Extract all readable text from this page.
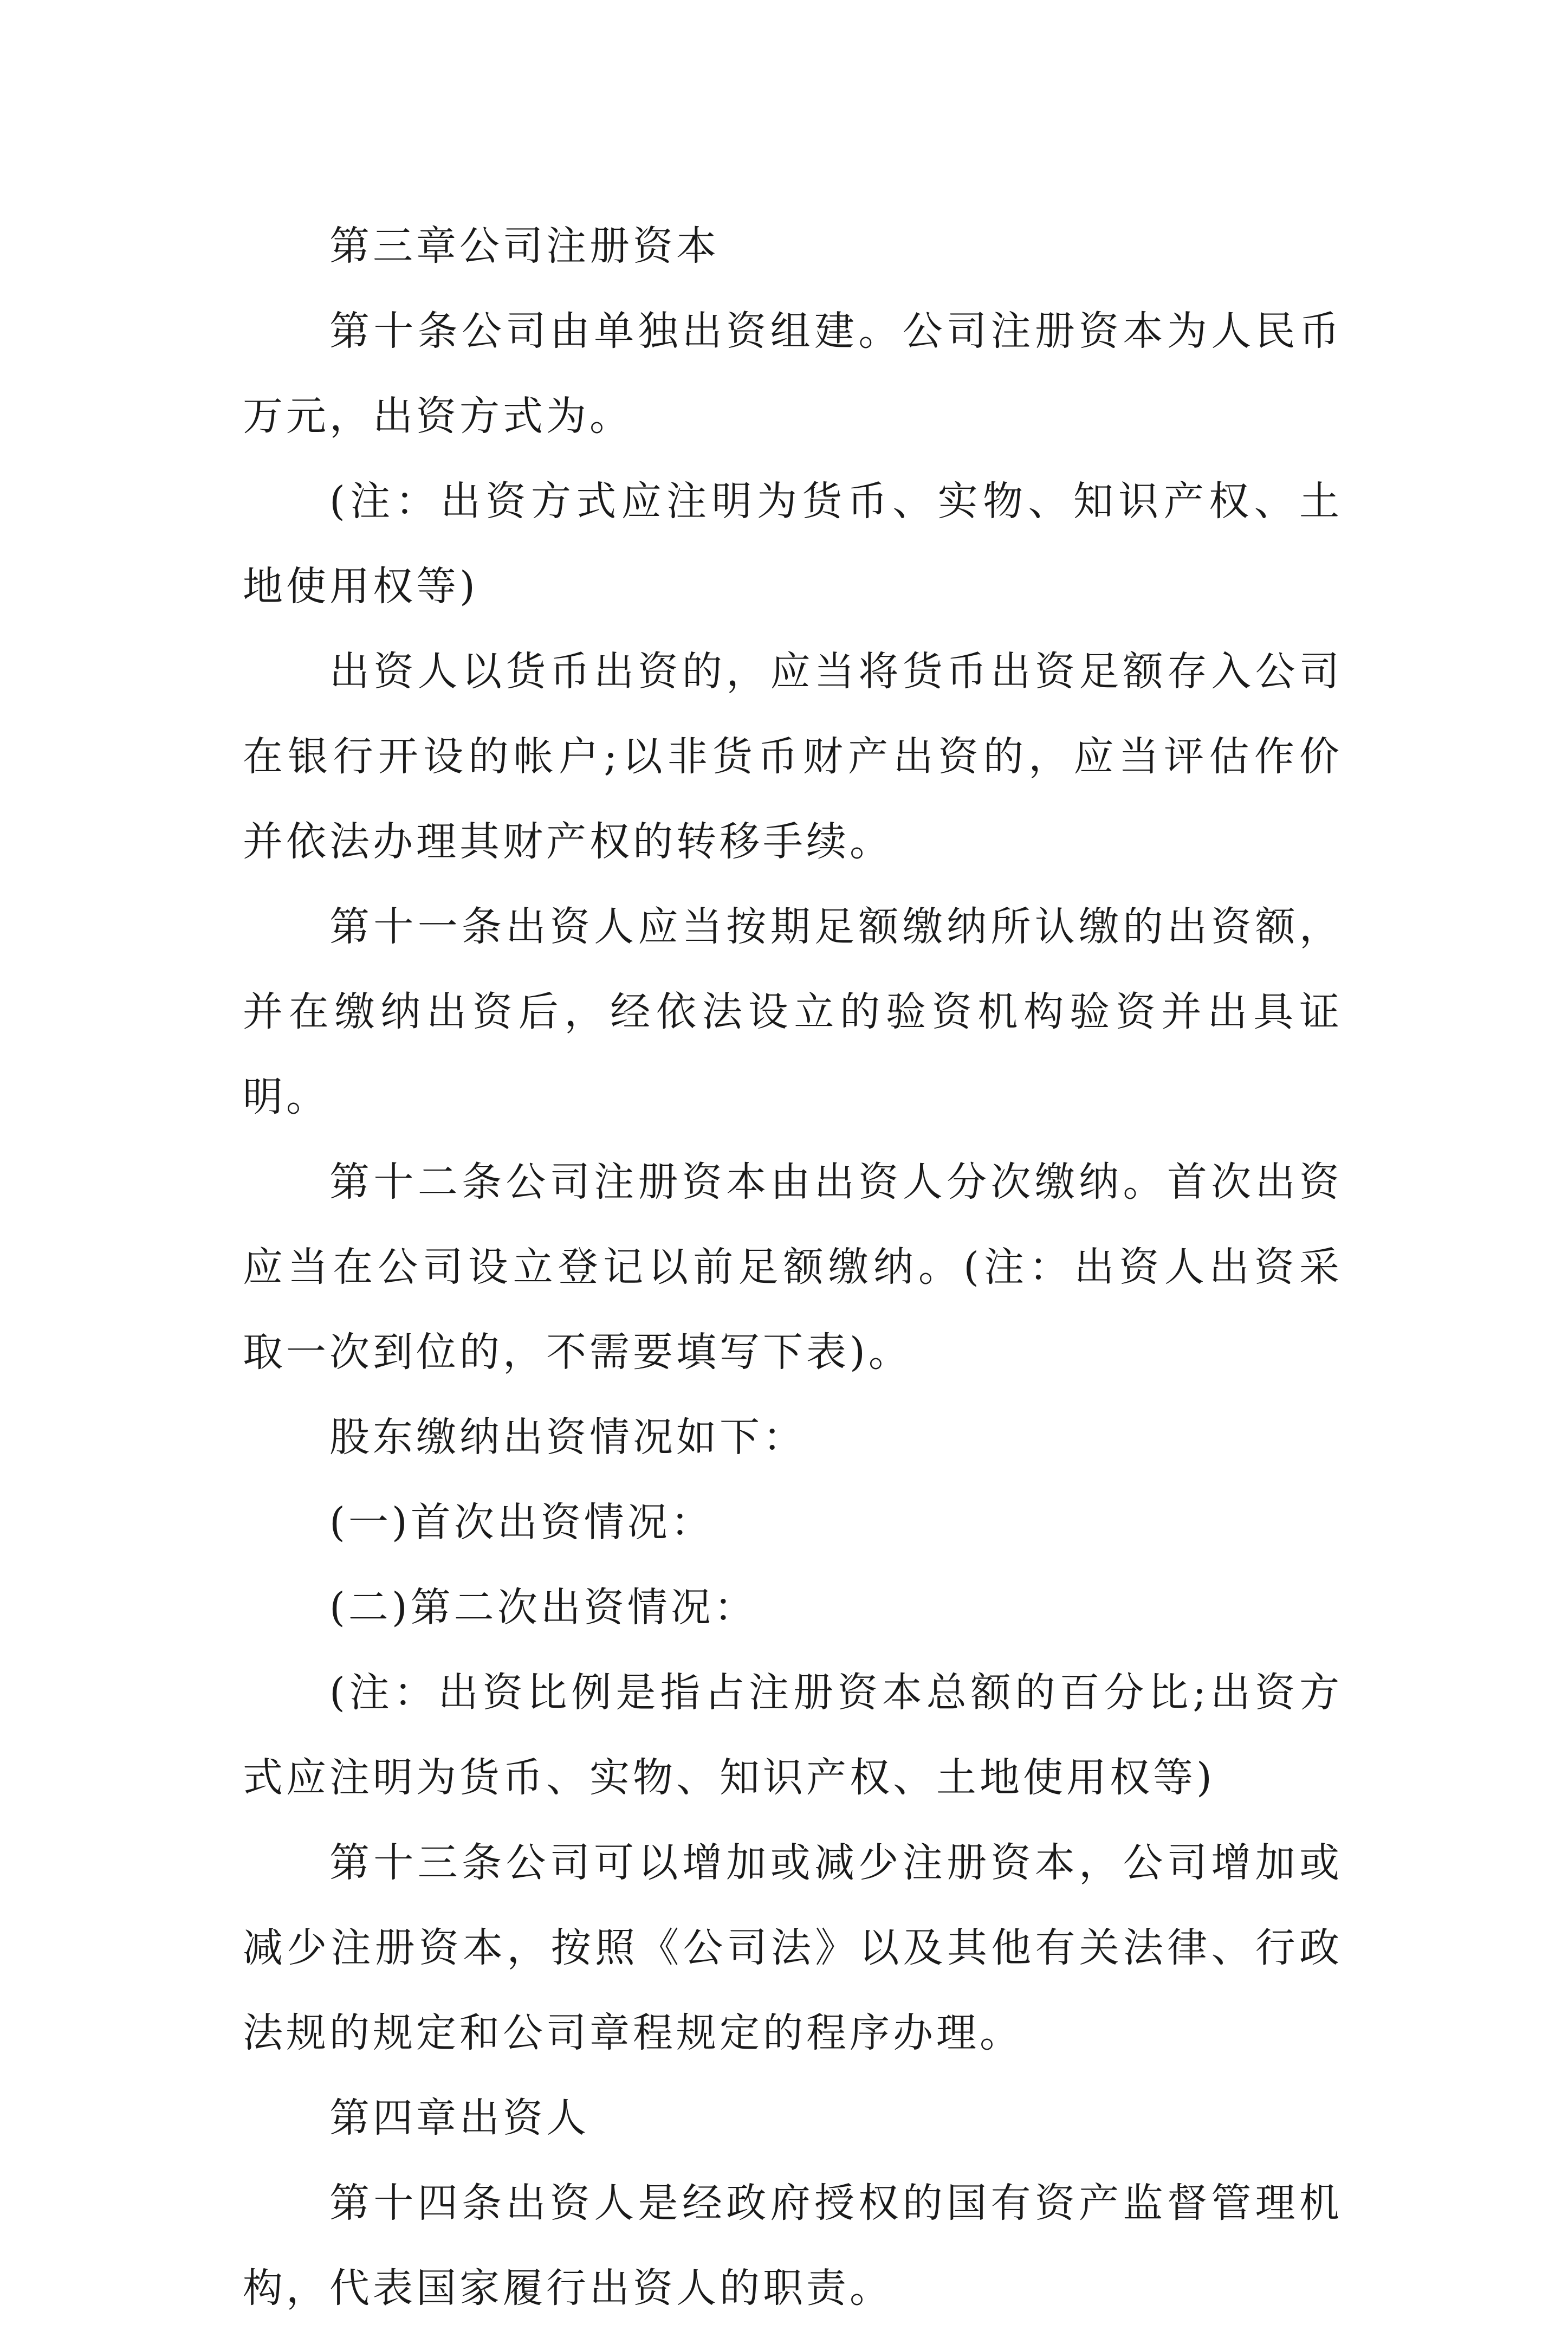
第三章公司注册资本

第十条公司由单独出资组建。公司注册资本为人民币万元，出资方式为。

(注：出资方式应注明为货币、实物、知识产权、土地使用权等)

出资人以货币出资的，应当将货币出资足额存入公司在银行开设的帐户;以非货币财产出资的，应当评估作价并依法办理其财产权的转移手续。

第十一条出资人应当按期足额缴纳所认缴的出资额，并在缴纳出资后，经依法设立的验资机构验资并出具证明。

第十二条公司注册资本由出资人分次缴纳。首次出资应当在公司设立登记以前足额缴纳。(注：出资人出资采取一次到位的，不需要填写下表)。

股东缴纳出资情况如下：

(一)首次出资情况：

(二)第二次出资情况：

(注：出资比例是指占注册资本总额的百分比;出资方式应注明为货币、实物、知识产权、土地使用权等)

第十三条公司可以增加或减少注册资本，公司增加或减少注册资本，按照《公司法》以及其他有关法律、行政法规的规定和公司章程规定的程序办理。

第四章出资人

第十四条出资人是经政府授权的国有资产监督管理机构，代表国家履行出资人的职责。
